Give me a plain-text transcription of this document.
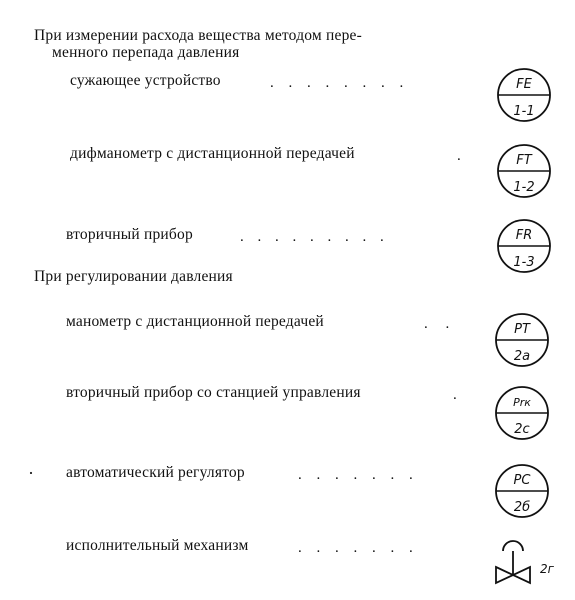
При измерении расхода вещества методом пере-
менного перепада давления
сужающее устройство	. . . . . . . .	FE
1-1
дифманометр с дистанционной передачей	.	FT
1-2
вторичный прибор	. . . . . . . . .	FR
1-3
При регулировании давления
манометр с дистанционной передачей	. .	PT
2а
вторичный прибор со станцией управления	.	Рrк
2с
· автоматический регулятор	. . . . . . .	PC
2б
исполнительный механизм	. . . . . . .
2г
